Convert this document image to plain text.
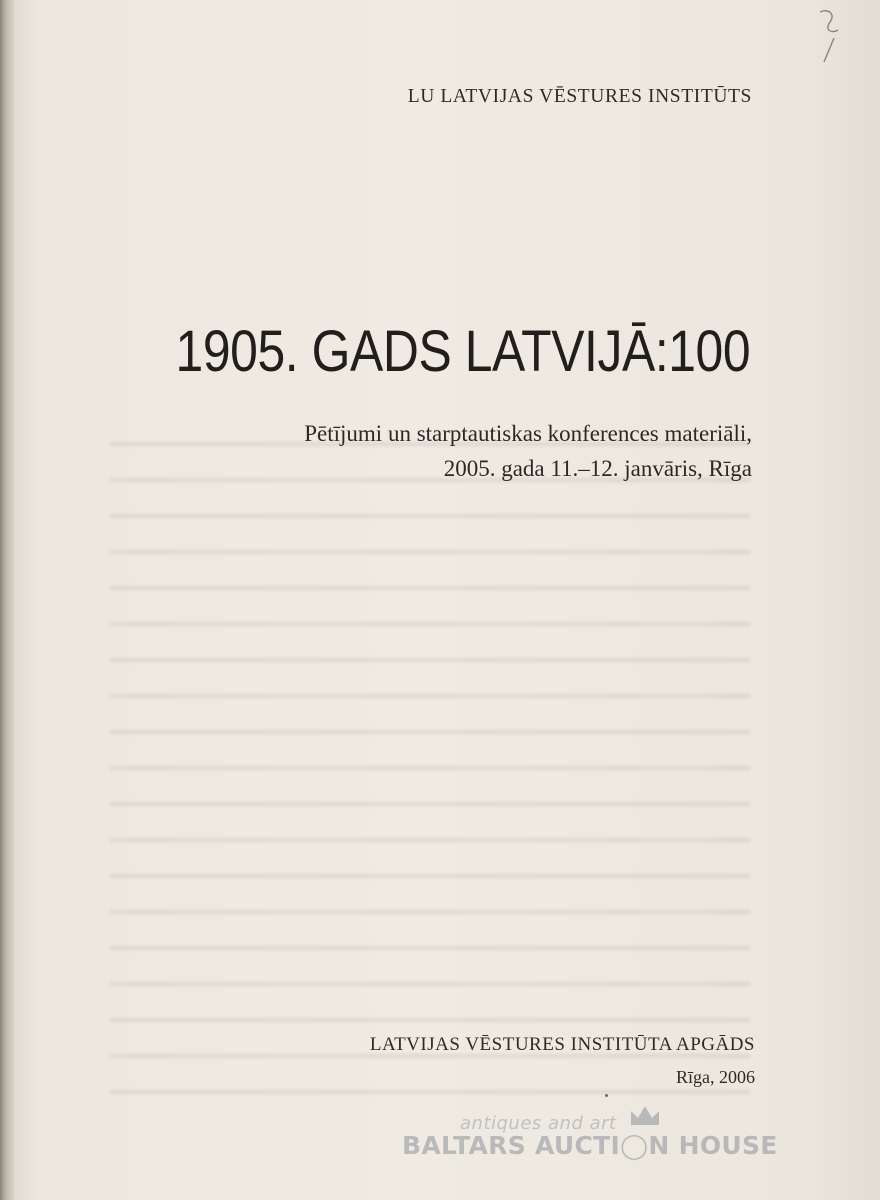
LU LATVIJAS VĒSTURES INSTITŪTS
1905. GADS LATVIJĀ:100
Pētījumi un starptautiskas konferences materiāli,
2005. gada 11.–12. janvāris, Rīga
LATVIJAS VĒSTURES INSTITŪTA APGĀDS
Rīga, 2006
antiques and art
BALTARS AUCTI◯N HOUSE
